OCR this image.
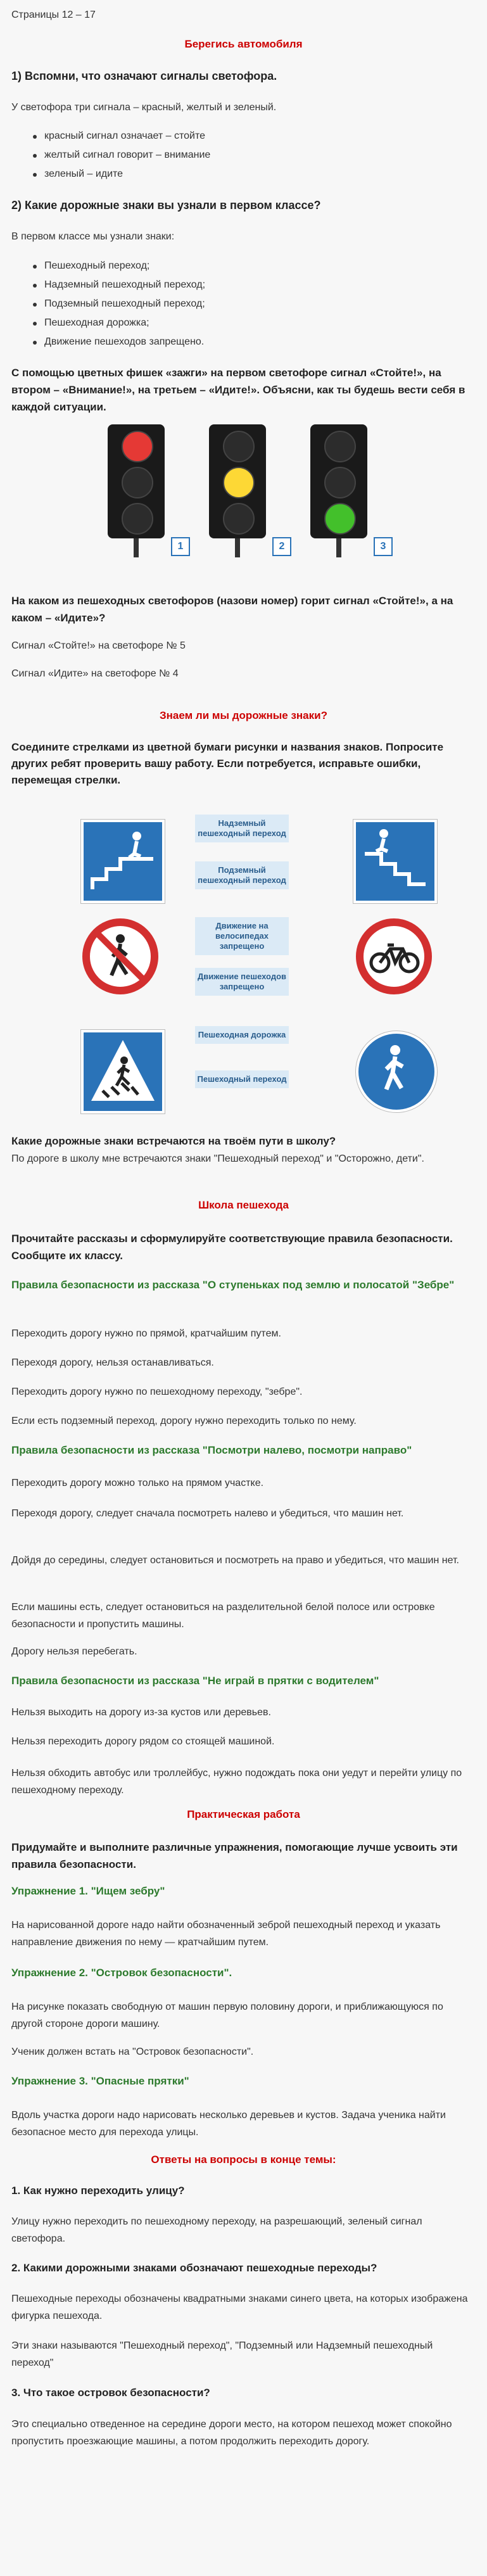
Страницы 12 – 17
Берегись автомобиля
1) Вспомни, что означают сигналы светофора.
У светофора три сигнала – красный, желтый и зеленый.
красный сигнал означает – стойте
желтый сигнал говорит – внимание
зеленый – идите
2) Какие дорожные знаки вы узнали в первом классе?
В первом классе мы узнали знаки:
Пешеходный переход;
Надземный пешеходный переход;
Подземный пешеходный переход;
Пешеходная дорожка;
Движение пешеходов запрещено.
С помощью цветных фишек «зажги» на первом светофоре сигнал «Стойте!», на втором – «Внимание!», на третьем – «Идите!». Объясни, как ты будешь вести себя в каждой ситуации.
1	2	3
На каком из пешеходных светофоров (назови номер) горит сигнал «Стойте!», а на каком – «Идите»?
Сигнал «Стойте!» на светофоре № 5
Сигнал «Идите» на светофоре № 4
Знаем ли мы дорожные знаки?
Соедините стрелками из цветной бумаги рисунки и названия знаков. Попросите других ребят проверить вашу работу. Если потребуется, исправьте ошибки, перемещая стрелки.
Надземный пешеходный переход
Подземный пешеходный переход
Движение на велосипедах запрещено
Движение пешеходов запрещено
Пешеходная дорожка
Пешеходный переход
Какие дорожные знаки встречаются на твоём пути в школу?
По дороге в школу мне встречаются знаки "Пешеходный переход" и "Осторожно, дети".
Школа пешехода
Прочитайте рассказы и сформулируйте соответствующие правила безопасности. Сообщите их классу.
Правила безопасности из рассказа "О ступеньках под землю и полосатой "Зебре"
Переходить дорогу нужно по прямой, кратчайшим путем.
Переходя дорогу, нельзя останавливаться.
Переходить дорогу нужно по пешеходному переходу, "зебре".
Если есть подземный переход, дорогу нужно переходить только по нему.
Правила безопасности из рассказа "Посмотри налево, посмотри направо"
Переходить дорогу можно только на прямом участке.
Переходя дорогу, следует сначала посмотреть налево и убедиться, что машин нет.
Дойдя до середины, следует остановиться и посмотреть на право и убедиться, что машин нет.
Если машины есть, следует остановиться на разделительной белой полосе или островке безопасности и пропустить машины.
Дорогу нельзя перебегать.
Правила безопасности из рассказа "Не играй в прятки с водителем"
Нельзя выходить на дорогу из-за кустов или деревьев.
Нельзя переходить дорогу рядом со стоящей машиной.
Нельзя обходить автобус или троллейбус, нужно подождать пока они уедут и перейти улицу по пешеходному переходу.
Практическая работа
Придумайте и выполните различные упражнения, помогающие лучше усвоить эти правила безопасности.
Упражнение 1. "Ищем зебру"
На нарисованной дороге надо найти обозначенный зеброй пешеходный переход и указать направление движения по нему — кратчайшим путем.
Упражнение 2. "Островок безопасности".
На рисунке показать свободную от машин первую половину дороги, и приближающуюся по другой стороне дороги машину.
Ученик должен встать на "Островок безопасности".
Упражнение 3. "Опасные прятки"
Вдоль участка дороги надо нарисовать несколько деревьев и кустов. Задача ученика найти безопасное место для перехода улицы.
Ответы на вопросы в конце темы:
1. Как нужно переходить улицу?
Улицу нужно переходить по пешеходному переходу, на разрешающий, зеленый сигнал светофора.
2. Какими дорожными знаками обозначают пешеходные переходы?
Пешеходные переходы обозначены квадратными знаками синего цвета, на которых изображена фигурка пешехода.
Эти знаки называются "Пешеходный переход", "Подземный или Надземный пешеходный переход"
3. Что такое островок безопасности?
Это специально отведенное на середине дороги место, на котором пешеход может спокойно пропустить проезжающие машины, а потом продолжить переходить дорогу.
